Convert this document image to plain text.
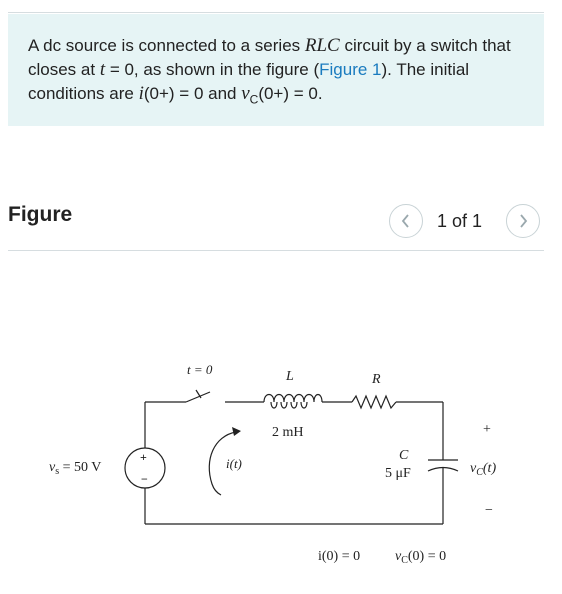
A dc source is connected to a series RLC circuit by a switch that closes at t = 0, as shown in the figure (Figure 1). The initial conditions are i(0+) = 0 and $v_C(0+) = 0$.
Figure	1 of 1
t = 0	L
2 mH
R
C
5 μF
$v_s = 50$ V
+
−
i(t)
+
$v_C(t)$
−
i(0) = 0 $v_C(0) = 0$
